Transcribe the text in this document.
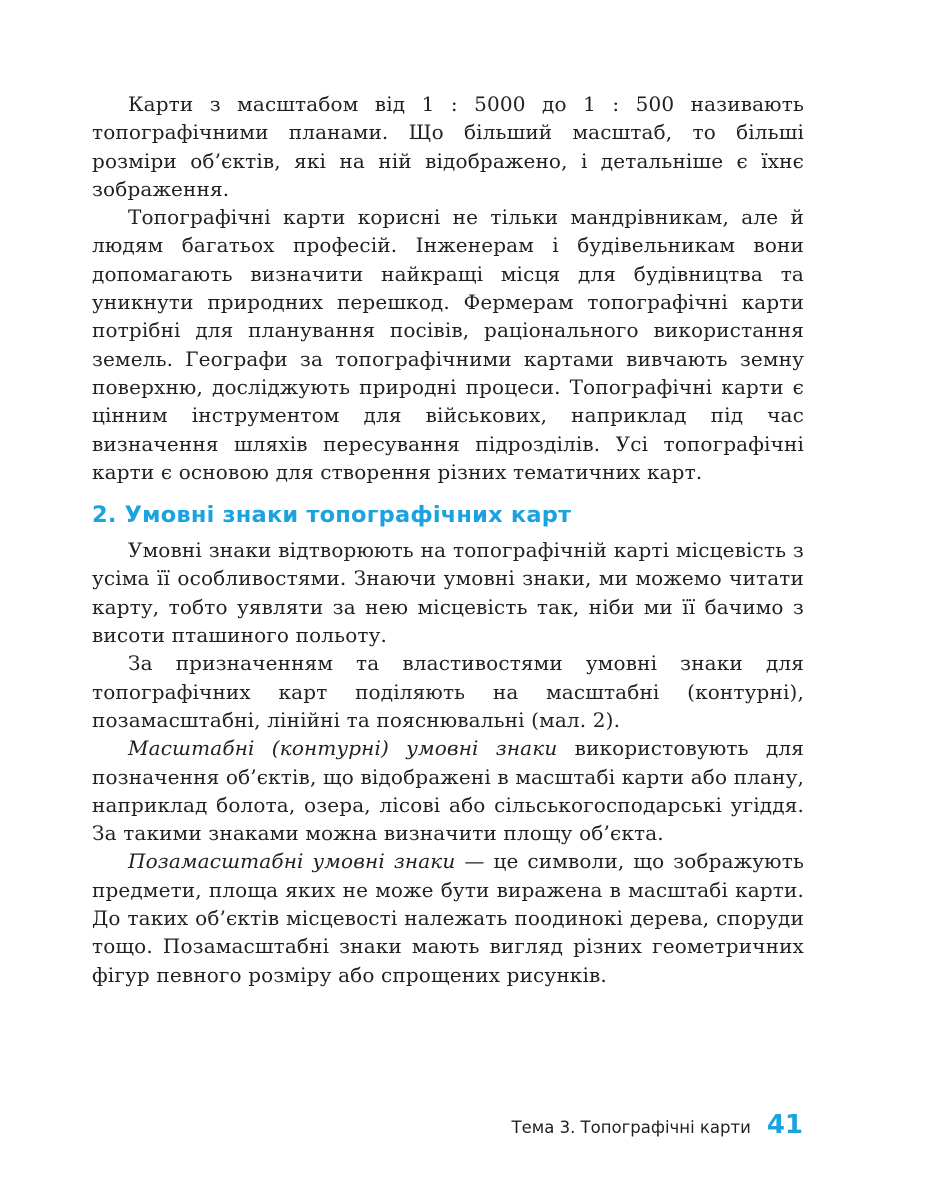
Карти з масштабом від 1 : 5000 до 1 : 500 називають топографічними планами. Що більший масштаб, то більші розміри об’єктів, які на ній відображено, і детальніше є їхнє зображення.

Топографічні карти корисні не тільки мандрівникам, але й людям багатьох професій. Інженерам і будівельникам вони допомагають визначити найкращі місця для будівництва та уникнути природних перешкод. Фермерам топографічні карти потрібні для планування посівів, раціонального використання земель. Географи за топографічними картами вивчають земну поверхню, досліджують природні процеси. Топографічні карти є цінним інструментом для військових, наприклад під час визначення шляхів пересування підрозділів. Усі топографічні карти є основою для створення різних тематичних карт.

2. Умовні знаки топографічних карт

Умовні знаки відтворюють на топографічній карті місцевість з усіма її особливостями. Знаючи умовні знаки, ми можемо читати карту, тобто уявляти за нею місцевість так, ніби ми її бачимо з висоти пташиного польоту.

За призначенням та властивостями умовні знаки для топографічних карт поділяють на масштабні (контурні), позамасштабні, лінійні та пояснювальні (мал. 2).

Масштабні (контурні) умовні знаки використовують для позначення об’єктів, що відображені в масштабі карти або плану, наприклад болота, озера, лісові або сільськогосподарські угіддя. За такими знаками можна визначити площу об’єкта.

Позамасштабні умовні знаки — це символи, що зображують предмети, площа яких не може бути виражена в масштабі карти. До таких об’єктів місцевості належать поодинокі дерева, споруди тощо. Позамасштабні знаки мають вигляд різних геометричних фігур певного розміру або спрощених рисунків.

Тема 3. Топографічні карти 41
